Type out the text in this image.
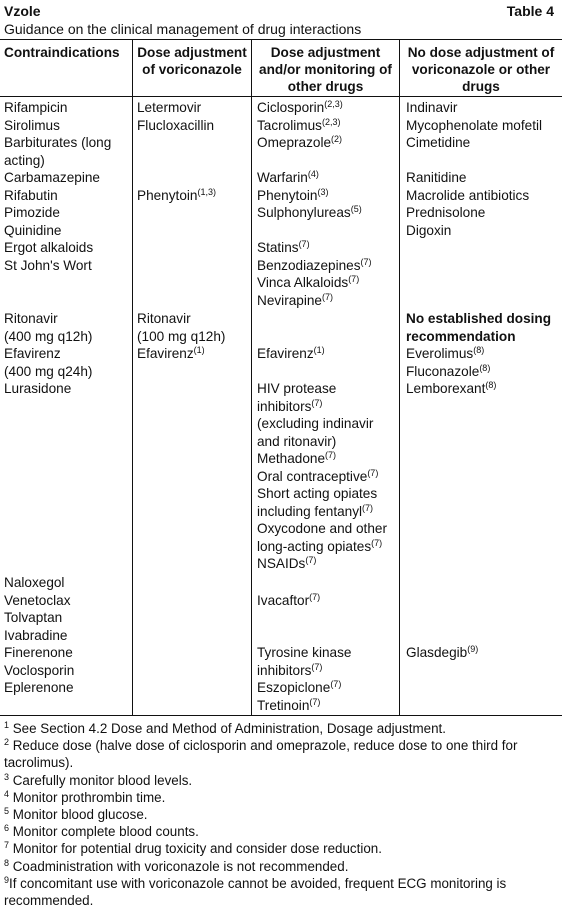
Vzole	Table 4
Guidance on the clinical management of drug interactions
Contraindications	Dose adjustment
of voriconazole
Dose adjustment
and/or monitoring of
other drugs
No dose adjustment of
voriconazole or other
drugs
Rifampicin
Sirolimus
Barbiturates (long
acting)
Carbamazepine
Rifabutin
Pimozide
Quinidine
Ergot alkaloids
St John's Wort
Ritonavir
(400 mg q12h)
Efavirenz
(400 mg q24h)
Lurasidone
Naloxegol
Venetoclax
Tolvaptan
Ivabradine
Finerenone
Voclosporin
Eplerenone
Letermovir
Flucloxacillin
Phenytoin$^{(1,3)}$
Ritonavir
(100 mg q12h)
Efavirenz$^{(1)}$
Ciclosporin$^{(2,3)}$
Tacrolimus$^{(2,3)}$
Omeprazole$^{(2)}$
Warfarin$^{(4)}$
Phenytoin$^{(3)}$
Sulphonylureas$^{(5)}$
Statins$^{(7)}$
Benzodiazepines$^{(7)}$
Vinca Alkaloids$^{(7)}$
Nevirapine$^{(7)}$
Efavirenz$^{(1)}$
HIV protease
inhibitors$^{(7)}$
(excluding indinavir
and ritonavir)
Methadone$^{(7)}$
Oral contraceptive$^{(7)}$
Short acting opiates
including fentanyl$^{(7)}$
Oxycodone and other
long-acting opiates$^{(7)}$
NSAIDs$^{(7)}$
Ivacaftor$^{(7)}$
Tyrosine kinase
inhibitors$^{(7)}$
Eszopiclone$^{(7)}$
Tretinoin$^{(7)}$
Indinavir
Mycophenolate mofetil
Cimetidine
Ranitidine
Macrolide antibiotics
Prednisolone
Digoxin
No established dosing
recommendation
Everolimus$^{(8)}$
Fluconazole$^{(8)}$
Lemborexant$^{(8)}$
Glasdegib$^{(9)}$

$^1$ See Section 4.2 Dose and Method of Administration, Dosage adjustment.

$^2$ Reduce dose (halve dose of ciclosporin and omeprazole, reduce dose to one third for tacrolimus).

$^3$ Carefully monitor blood levels.

$^4$ Monitor prothrombin time.

$^5$ Monitor blood glucose.

$^6$ Monitor complete blood counts.

$^7$ Monitor for potential drug toxicity and consider dose reduction.

$^8$ Coadministration with voriconazole is not recommended.

$^9$If concomitant use with voriconazole cannot be avoided, frequent ECG monitoring is recommended.
